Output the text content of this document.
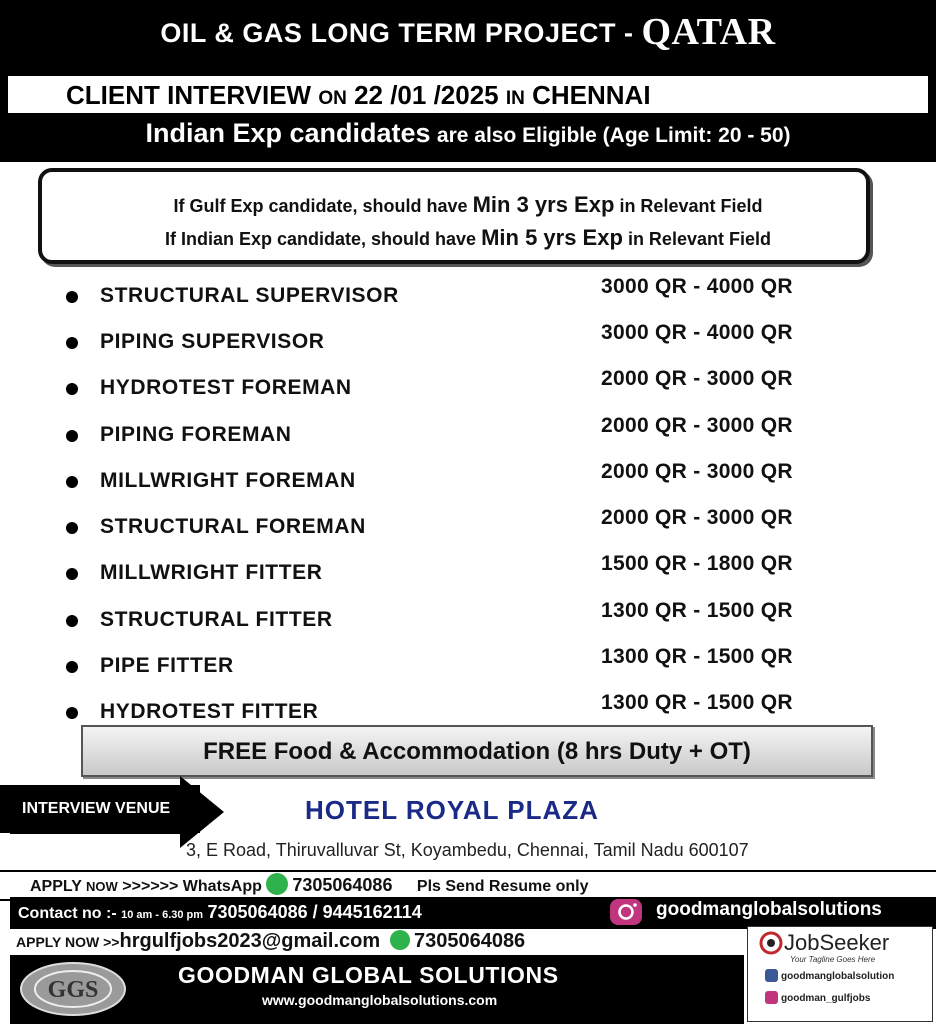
OIL & GAS LONG TERM PROJECT - QATAR
CLIENT INTERVIEW ON 22 /01 /2025 IN CHENNAI
Indian Exp candidates are also Eligible (Age Limit: 20 - 50)
If Gulf Exp candidate, should have Min 3 yrs Exp in Relevant Field
If Indian Exp candidate, should have Min 5 yrs Exp in Relevant Field
STRUCTURAL SUPERVISOR	3000 QR - 4000 QR
PIPING SUPERVISOR	3000 QR - 4000 QR
HYDROTEST FOREMAN	2000 QR - 3000 QR
PIPING FOREMAN	2000 QR - 3000 QR
MILLWRIGHT FOREMAN	2000 QR - 3000 QR
STRUCTURAL FOREMAN	2000 QR - 3000 QR
MILLWRIGHT FITTER	1500 QR - 1800 QR
STRUCTURAL FITTER	1300 QR - 1500 QR
PIPE FITTER	1300 QR - 1500 QR
HYDROTEST FITTER	1300 QR - 1500 QR
FREE Food & Accommodation (8 hrs Duty + OT)
INTERVIEW VENUE	HOTEL ROYAL PLAZA
3, E Road, Thiruvalluvar St, Koyambedu, Chennai, Tamil Nadu 600107
APPLY NOW >>>>>> WhatsApp 7305064086 Pls Send Resume only
Contact no :- 10 am - 6.30 pm 7305064086 / 9445162114	goodmanglobalsolutions
APPLY NOW >>hrgulfjobs2023@gmail.com 7305064086
GGS
GOODMAN GLOBAL SOLUTIONS
www.goodmanglobalsolutions.com
JobSeeker
Your Tagline Goes Here
goodmanglobalsolution
goodman_gulfjobs
